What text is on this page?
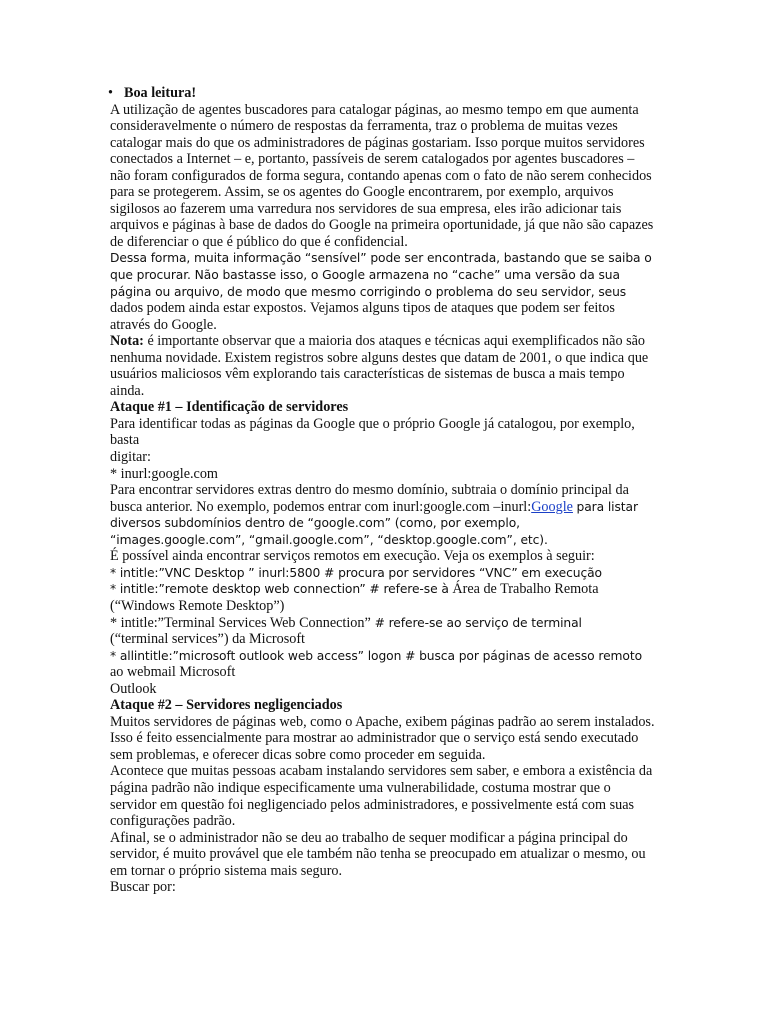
• Boa leitura!

A utilização de agentes buscadores para catalogar páginas, ao mesmo tempo em que aumenta consideravelmente o número de respostas da ferramenta, traz o problema de muitas vezes catalogar mais do que os administradores de páginas gostariam. Isso porque muitos servidores conectados a Internet – e, portanto, passíveis de serem catalogados por agentes buscadores – não foram configurados de forma segura, contando apenas com o fato de não serem conhecidos para se protegerem. Assim, se os agentes do Google encontrarem, por exemplo, arquivos sigilosos ao fazerem uma varredura nos servidores de sua empresa, eles irão adicionar tais arquivos e páginas à base de dados do Google na primeira oportunidade, já que não são capazes de diferenciar o que é público do que é confidencial.

Dessa forma, muita informação “sensível” pode ser encontrada, bastando que se saiba o que procurar. Não bastasse isso, o Google armazena no “cache” uma versão da sua página ou arquivo, de modo que mesmo corrigindo o problema do seu servidor, seus dados podem ainda estar expostos. Vejamos alguns tipos de ataques que podem ser feitos através do Google.

Nota: é importante observar que a maioria dos ataques e técnicas aqui exemplificados não são nenhuma novidade. Existem registros sobre alguns destes que datam de 2001, o que indica que usuários maliciosos vêm explorando tais características de sistemas de busca a mais tempo ainda.

Ataque #1 – Identificação de servidores

Para identificar todas as páginas da Google que o próprio Google já catalogou, por exemplo, basta

digitar:

* inurl:google.com

Para encontrar servidores extras dentro do mesmo domínio, subtraia o domínio principal da busca anterior. No exemplo, podemos entrar com inurl:google.com –inurl:Google para listar diversos subdomínios dentro de “google.com” (como, por exemplo, “images.google.com”, “gmail.google.com”, “desktop.google.com”, etc).

É possível ainda encontrar serviços remotos em execução. Veja os exemplos à seguir:

* intitle:”VNC Desktop ” inurl:5800 # procura por servidores “VNC” em execução

* intitle:”remote desktop web connection” # refere-se à Área de Trabalho Remota (“Windows Remote Desktop”)

* intitle:”Terminal Services Web Connection” # refere-se ao serviço de terminal

(“terminal services”) da Microsoft

* allintitle:”microsoft outlook web access” logon # busca por páginas de acesso remoto

ao webmail Microsoft

Outlook

Ataque #2 – Servidores negligenciados

Muitos servidores de páginas web, como o Apache, exibem páginas padrão ao serem instalados. Isso é feito essencialmente para mostrar ao administrador que o serviço está sendo executado sem problemas, e oferecer dicas sobre como proceder em seguida.

Acontece que muitas pessoas acabam instalando servidores sem saber, e embora a existência da página padrão não indique especificamente uma vulnerabilidade, costuma mostrar que o servidor em questão foi negligenciado pelos administradores, e possivelmente está com suas configurações padrão.

Afinal, se o administrador não se deu ao trabalho de sequer modificar a página principal do servidor, é muito provável que ele também não tenha se preocupado em atualizar o mesmo, ou em tornar o próprio sistema mais seguro.

Buscar por:
